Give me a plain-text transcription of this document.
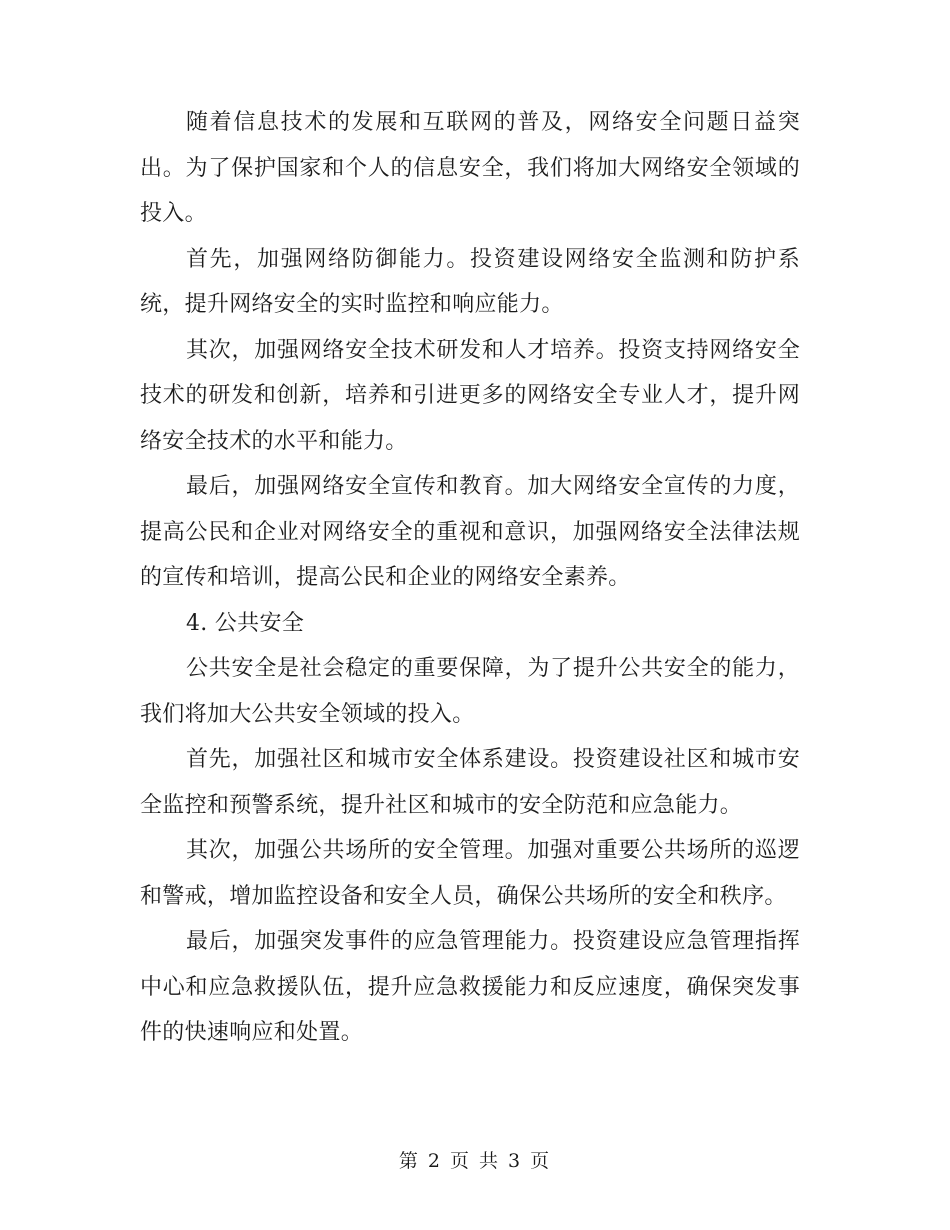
随着信息技术的发展和互联网的普及，网络安全问题日益突出。为了保护国家和个人的信息安全，我们将加大网络安全领域的投入。

首先，加强网络防御能力。投资建设网络安全监测和防护系统，提升网络安全的实时监控和响应能力。

其次，加强网络安全技术研发和人才培养。投资支持网络安全技术的研发和创新，培养和引进更多的网络安全专业人才，提升网络安全技术的水平和能力。

最后，加强网络安全宣传和教育。加大网络安全宣传的力度，提高公民和企业对网络安全的重视和意识，加强网络安全法律法规的宣传和培训，提高公民和企业的网络安全素养。

4. 公共安全

公共安全是社会稳定的重要保障，为了提升公共安全的能力，我们将加大公共安全领域的投入。

首先，加强社区和城市安全体系建设。投资建设社区和城市安全监控和预警系统，提升社区和城市的安全防范和应急能力。

其次，加强公共场所的安全管理。加强对重要公共场所的巡逻和警戒，增加监控设备和安全人员，确保公共场所的安全和秩序。

最后，加强突发事件的应急管理能力。投资建设应急管理指挥中心和应急救援队伍，提升应急救援能力和反应速度，确保突发事件的快速响应和处置。

第 2 页 共 3 页
